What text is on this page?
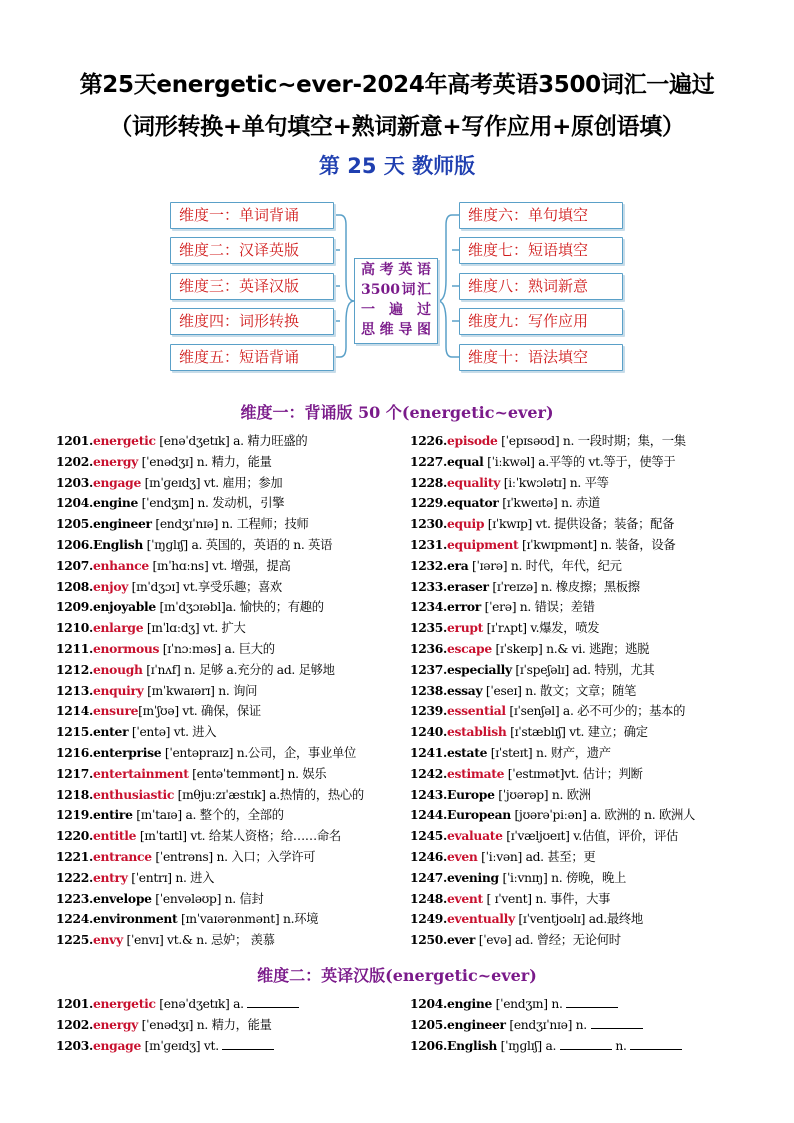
第25天energetic~ever-2024年高考英语3500词汇一遍过
（词形转换+单句填空+熟词新意+写作应用+原创语填）
第 25 天 教师版
维度一：单词背诵
维度二：汉译英版
维度三：英译汉版
维度四：词形转换
维度五：短语背诵
高考英语
3500词汇
一 遍 过
思维导图
维度六：单句填空
维度七：短语填空
维度八：熟词新意
维度九：写作应用
维度十：语法填空
维度一：背诵版 50 个(energetic~ever)
1201.energetic [enəˈdʒetɪk] a. 精力旺盛的
1202.energy [ˈenədʒɪ] n. 精力，能量
1203.engage [ɪnˈɡeɪdʒ] vt. 雇用；参加
1204.engine [ˈendʒɪn] n. 发动机，引擎
1205.engineer [endʒɪˈnɪə] n. 工程师；技师
1206.English [ˈɪŋɡlɪʃ] a. 英国的，英语的 n. 英语
1207.enhance [ɪnˈhɑːns] vt. 增强，提高
1208.enjoy [ɪnˈdʒɔɪ] vt.享受乐趣；喜欢
1209.enjoyable [ɪnˈdʒɔɪəbl]a. 愉快的；有趣的
1210.enlarge [ɪnˈlɑːdʒ] vt. 扩大
1211.enormous [ɪˈnɔːməs] a. 巨大的
1212.enough [ɪˈnʌf] n. 足够 a.充分的 ad. 足够地
1213.enquiry [ɪnˈkwaɪərɪ] n. 询问
1214.ensure[ɪnˈʃʊə] vt. 确保，保证
1215.enter [ˈentə] vt. 进入
1216.enterprise [ˈentəpraɪz] n.公司，企，事业单位
1217.entertainment [entəˈteɪnmənt] n. 娱乐
1218.enthusiastic [ɪnθjuːzɪˈæstɪk] a.热情的，热心的
1219.entire [ɪnˈtaɪə] a. 整个的，全部的
1220.entitle [ɪnˈtaɪtl] vt. 给某人资格；给……命名
1221.entrance [ˈentrəns] n. 入口；入学许可
1222.entry [ˈentrɪ] n. 进入
1223.envelope [ˈenvələʊp] n. 信封
1224.environment [ɪnˈvaɪərənmənt] n.环境
1225.envy [ˈenvɪ] vt.& n. 忌妒； 羡慕
1226.episode [ˈepɪsəʊd] n. 一段时期；集，一集
1227.equal [ˈiːkwəl] a.平等的 vt.等于，使等于
1228.equality [iːˈkwɔlətɪ] n. 平等
1229.equator [ɪˈkweɪtə] n. 赤道
1230.equip [ɪˈkwɪp] vt. 提供设备；装备；配备
1231.equipment [ɪˈkwɪpmənt] n. 装备，设备
1232.era [ˈɪərə] n. 时代，年代，纪元
1233.eraser [ɪˈreɪzə] n. 橡皮擦；黑板擦
1234.error [ˈerə] n. 错误；差错
1235.erupt [ɪˈrʌpt] v.爆发，喷发
1236.escape [ɪˈskeɪp] n.& vi. 逃跑；逃脱
1237.especially [ɪˈspeʃəlɪ] ad. 特别，尤其
1238.essay [ˈeseɪ] n. 散文；文章；随笔
1239.essential [ɪˈsenʃəl] a. 必不可少的；基本的
1240.establish [ɪˈstæblɪʃ] vt. 建立；确定
1241.estate [ɪˈsteɪt] n. 财产，遗产
1242.estimate [ˈestɪmət]vt. 估计；判断
1243.Europe [ˈjʊərəp] n. 欧洲
1244.European [jʊərəˈpiːən] a. 欧洲的 n. 欧洲人
1245.evaluate [ɪˈvæljʊeɪt] v.估值，评价，评估
1246.even [ˈiːvən] ad. 甚至；更
1247.evening [ˈiːvnɪŋ] n. 傍晚，晚上
1248.event [ ɪˈvent] n. 事件，大事
1249.eventually [ɪˈventjʊəlɪ] ad.最终地
1250.ever [ˈevə] ad. 曾经；无论何时
维度二：英译汉版(energetic~ever)
1201.energetic [enəˈdʒetɪk] a.
1202.energy [ˈenədʒɪ] n. 精力，能量
1203.engage [ɪnˈɡeɪdʒ] vt.
1204.engine [ˈendʒɪn] n.
1205.engineer [endʒɪˈnɪə] n.
1206.English [ˈɪŋɡlɪʃ] a.	n.
